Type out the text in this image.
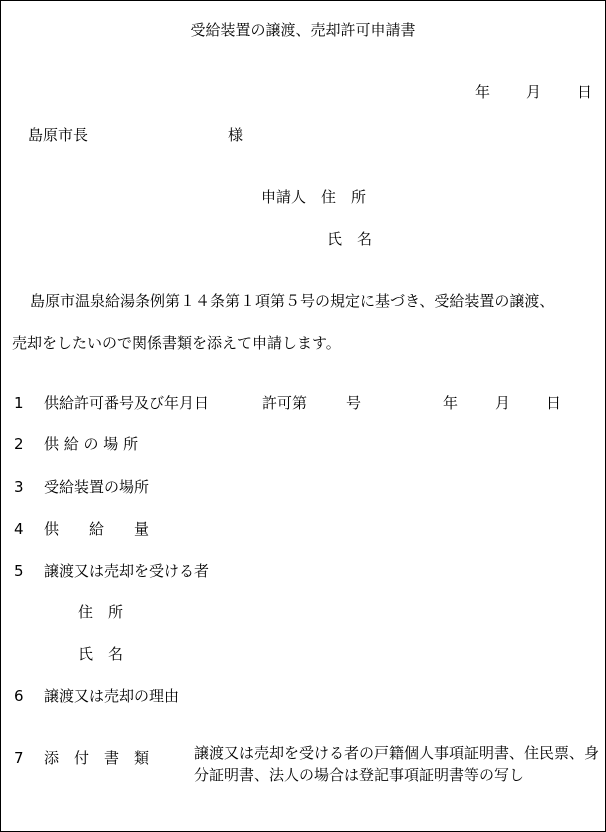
受給装置の譲渡、売却許可申請書
年 月 日
島原市長	様
申請人　住　所
氏　名
島原市温泉給湯条例第１４条第１項第５号の規定に基づき、受給装置の譲渡、
売却をしたいので関係書類を添えて申請します。
1 供給許可番号及び年月日	許可第	号	年 月 日
2 供 給 の 場 所
3 受給装置の場所
4 供　　給　　量
5 譲渡又は売却を受ける者
住　所
氏　名
6 譲渡又は売却の理由
7 添　付　書　類	譲渡又は売却を受ける者の戸籍個人事項証明書、住民票、身分証明書、法人の場合は登記事項証明書等の写し
